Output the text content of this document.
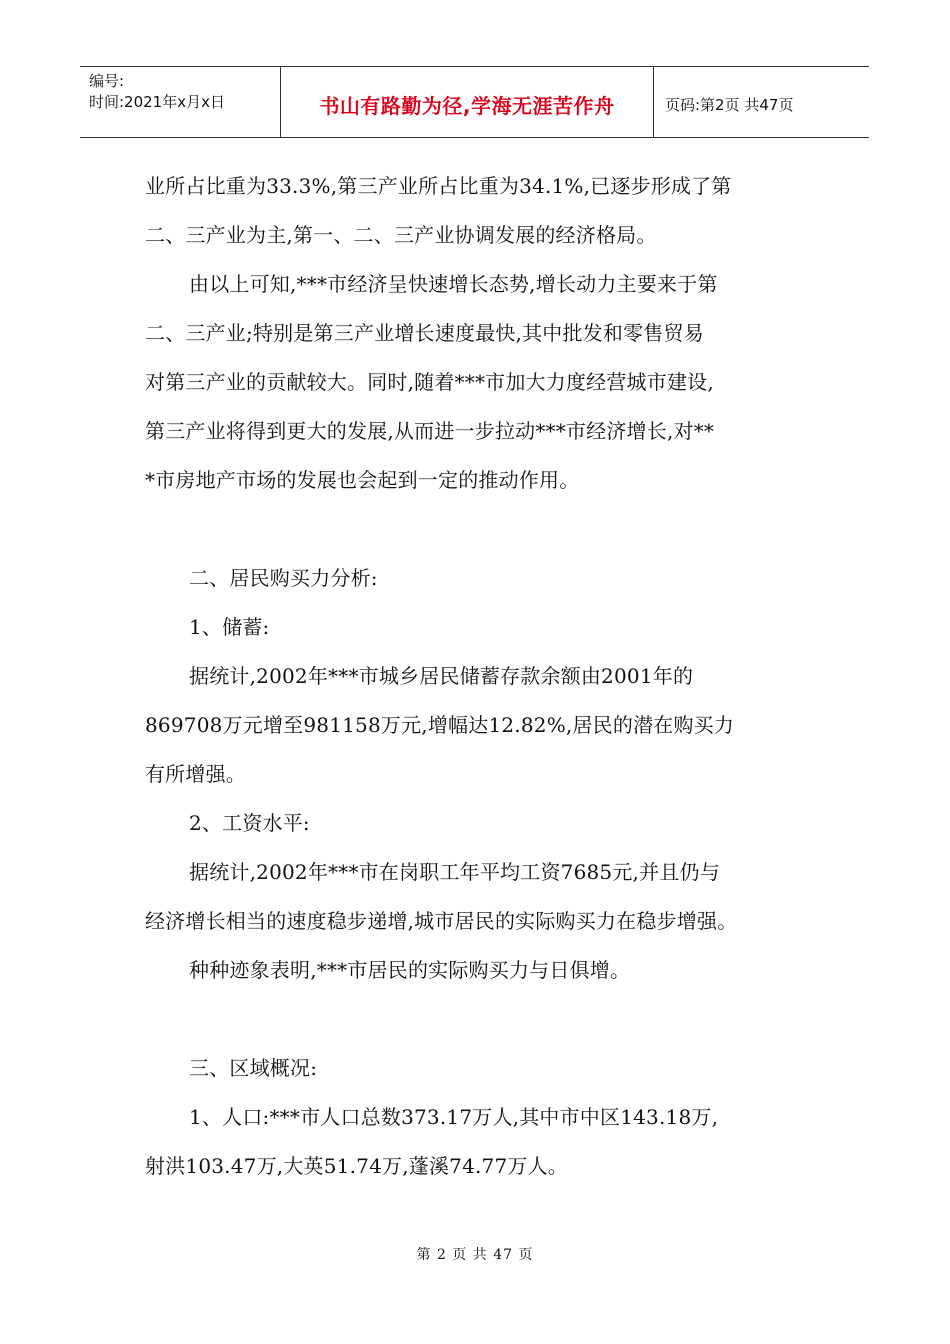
编号:
时间:2021年x月x日	书山有路勤为径,学海无涯苦作舟	页码:第2页 共47页

业所占比重为33.3%,第三产业所占比重为34.1%,已逐步形成了第

二、三产业为主,第一、二、三产业协调发展的经济格局。

由以上可知,***市经济呈快速增长态势,增长动力主要来于第

二、三产业;特别是第三产业增长速度最快,其中批发和零售贸易

对第三产业的贡献较大。同时,随着***市加大力度经营城市建设,

第三产业将得到更大的发展,从而进一步拉动***市经济增长,对**

*市房地产市场的发展也会起到一定的推动作用。

二、居民购买力分析:

1、储蓄:

据统计,2002年***市城乡居民储蓄存款余额由2001年的

869708万元增至981158万元,增幅达12.82%,居民的潜在购买力

有所增强。

2、工资水平:

据统计,2002年***市在岗职工年平均工资7685元,并且仍与

经济增长相当的速度稳步递增,城市居民的实际购买力在稳步增强。

种种迹象表明,***市居民的实际购买力与日俱增。

三、区域概况:

1、人口:***市人口总数373.17万人,其中市中区143.18万,

射洪103.47万,大英51.74万,蓬溪74.77万人。

第 2 页 共 47 页
